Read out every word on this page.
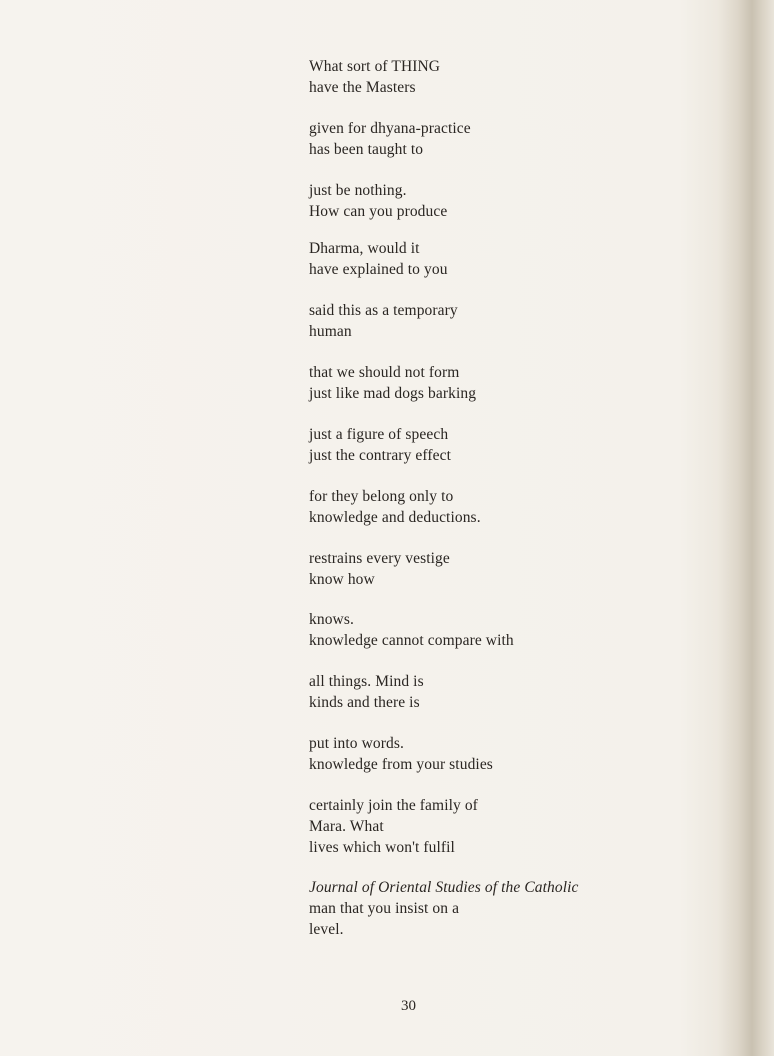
What sort of THING
have the Masters
given for dhyana-practice
has been taught to
just be nothing.
How can you produce
Dharma, would it
have explained to you
said this as a temporary
human
that we should not form
just like mad dogs barking
just a figure of speech
just the contrary effect
for they belong only to
knowledge and deductions.
restrains every vestige
know how
knows.
knowledge cannot compare with
all things. Mind is
kinds and there is
put into words.
knowledge from your studies
certainly join the family of
Mara. What
lives which won't fulfil
Journal of Oriental Studies of the Catholic
man that you insist on a
level.
30
